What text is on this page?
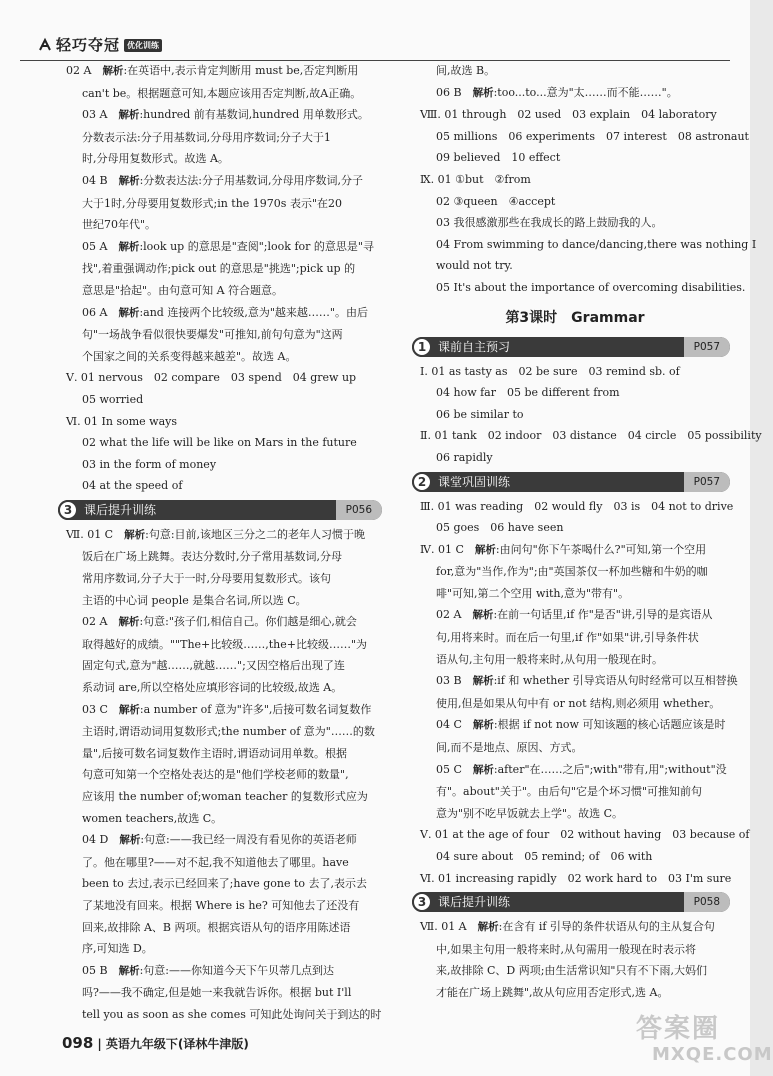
轻巧夺冠 优化训练
02 A　解析:在英语中,表示肯定判断用 must be,否定判断用
can't be。根据题意可知,本题应该用否定判断,故A正确。
03 A　解析:hundred 前有基数词,hundred 用单数形式。
分数表示法:分子用基数词,分母用序数词;分子大于1
时,分母用复数形式。故选 A。
04 B　解析:分数表达法:分子用基数词,分母用序数词,分子
大于1时,分母要用复数形式;in the 1970s 表示"在20
世纪70年代"。
05 A　解析:look up 的意思是"查阅";look for 的意思是"寻
找",着重强调动作;pick out 的意思是"挑选";pick up 的
意思是"拾起"。由句意可知 A 符合题意。
06 A　解析:and 连接两个比较级,意为"越来越……"。由后
句"一场战争看似很快要爆发"可推知,前句句意为"这两
个国家之间的关系变得越来越差"。故选 A。
Ⅴ. 01 nervous　02 compare　03 spend　04 grew up
05 worried
Ⅵ. 01 In some ways
02 what the life will be like on Mars in the future
03 in the form of money
04 at the speed of
3 课后提升训练	P056
Ⅶ. 01 C　解析:句意:目前,该地区三分之二的老年人习惯于晚
饭后在广场上跳舞。表达分数时,分子常用基数词,分母
常用序数词,分子大于一时,分母要用复数形式。该句
主语的中心词 people 是集合名词,所以选 C。
02 A　解析:句意:"孩子们,相信自己。你们越是细心,就会
取得越好的成绩。""The+比较级……,the+比较级……"为
固定句式,意为"越……,就越……";又因空格后出现了连
系动词 are,所以空格处应填形容词的比较级,故选 A。
03 C　解析:a number of 意为"许多",后接可数名词复数作
主语时,谓语动词用复数形式;the number of 意为"……的数
量",后接可数名词复数作主语时,谓语动词用单数。根据
句意可知第一个空格处表达的是"他们学校老师的数量",
应该用 the number of;woman teacher 的复数形式应为
women teachers,故选 C。
04 D　解析:句意:——我已经一周没有看见你的英语老师
了。他在哪里?——对不起,我不知道他去了哪里。have
been to 去过,表示已经回来了;have gone to 去了,表示去
了某地没有回来。根据 Where is he? 可知他去了还没有
回来,故排除 A、B 两项。根据宾语从句的语序用陈述语
序,可知选 D。
05 B　解析:句意:——你知道今天下午贝蒂几点到达
吗?——我不确定,但是她一来我就告诉你。根据 but I'll
tell you as soon as she comes 可知此处询问关于到达的时
间,故选 B。
06 B　解析:too...to...意为"太……而不能……"。
Ⅷ. 01 through　02 used　03 explain　04 laboratory
05 millions　06 experiments　07 interest　08 astronaut
09 believed　10 effect
Ⅸ. 01 ①but　②from
02 ③queen　④accept
03 我很感激那些在我成长的路上鼓励我的人。
04 From swimming to dance/dancing,there was nothing I
would not try.
05 It's about the importance of overcoming disabilities.
第3课时　Grammar
1 课前自主预习	P057
Ⅰ. 01 as tasty as　02 be sure　03 remind sb. of
04 how far　05 be different from
06 be similar to
Ⅱ. 01 tank　02 indoor　03 distance　04 circle　05 possibility
06 rapidly
2 课堂巩固训练	P057
Ⅲ. 01 was reading　02 would fly　03 is　04 not to drive
05 goes　06 have seen
Ⅳ. 01 C　解析:由问句"你下午茶喝什么?"可知,第一个空用
for,意为"当作,作为";由"英国茶仅一杯加些糖和牛奶的咖
啡"可知,第二个空用 with,意为"带有"。
02 A　解析:在前一句话里,if 作"是否"讲,引导的是宾语从
句,用将来时。而在后一句里,if 作"如果"讲,引导条件状
语从句,主句用一般将来时,从句用一般现在时。
03 B　解析:if 和 whether 引导宾语从句时经常可以互相替换
使用,但是如果从句中有 or not 结构,则必须用 whether。
04 C　解析:根据 if not now 可知该题的核心话题应该是时
间,而不是地点、原因、方式。
05 C　解析:after"在……之后";with"带有,用";without"没
有"。about"关于"。由后句"它是个坏习惯"可推知前句
意为"别不吃早饭就去上学"。故选 C。
Ⅴ. 01 at the age of four　02 without having　03 because of
04 sure about　05 remind; of　06 with
Ⅵ. 01 increasing rapidly　02 work hard to　03 I'm sure
3 课后提升训练	P058
Ⅶ. 01 A　解析:在含有 if 引导的条件状语从句的主从复合句
中,如果主句用一般将来时,从句需用一般现在时表示将
来,故排除 C、D 两项;由生活常识知"只有不下雨,大妈们
才能在广场上跳舞",故从句应用否定形式,选 A。
098 | 英语九年级下(译林牛津版)	答案圈
MXQE.COM
